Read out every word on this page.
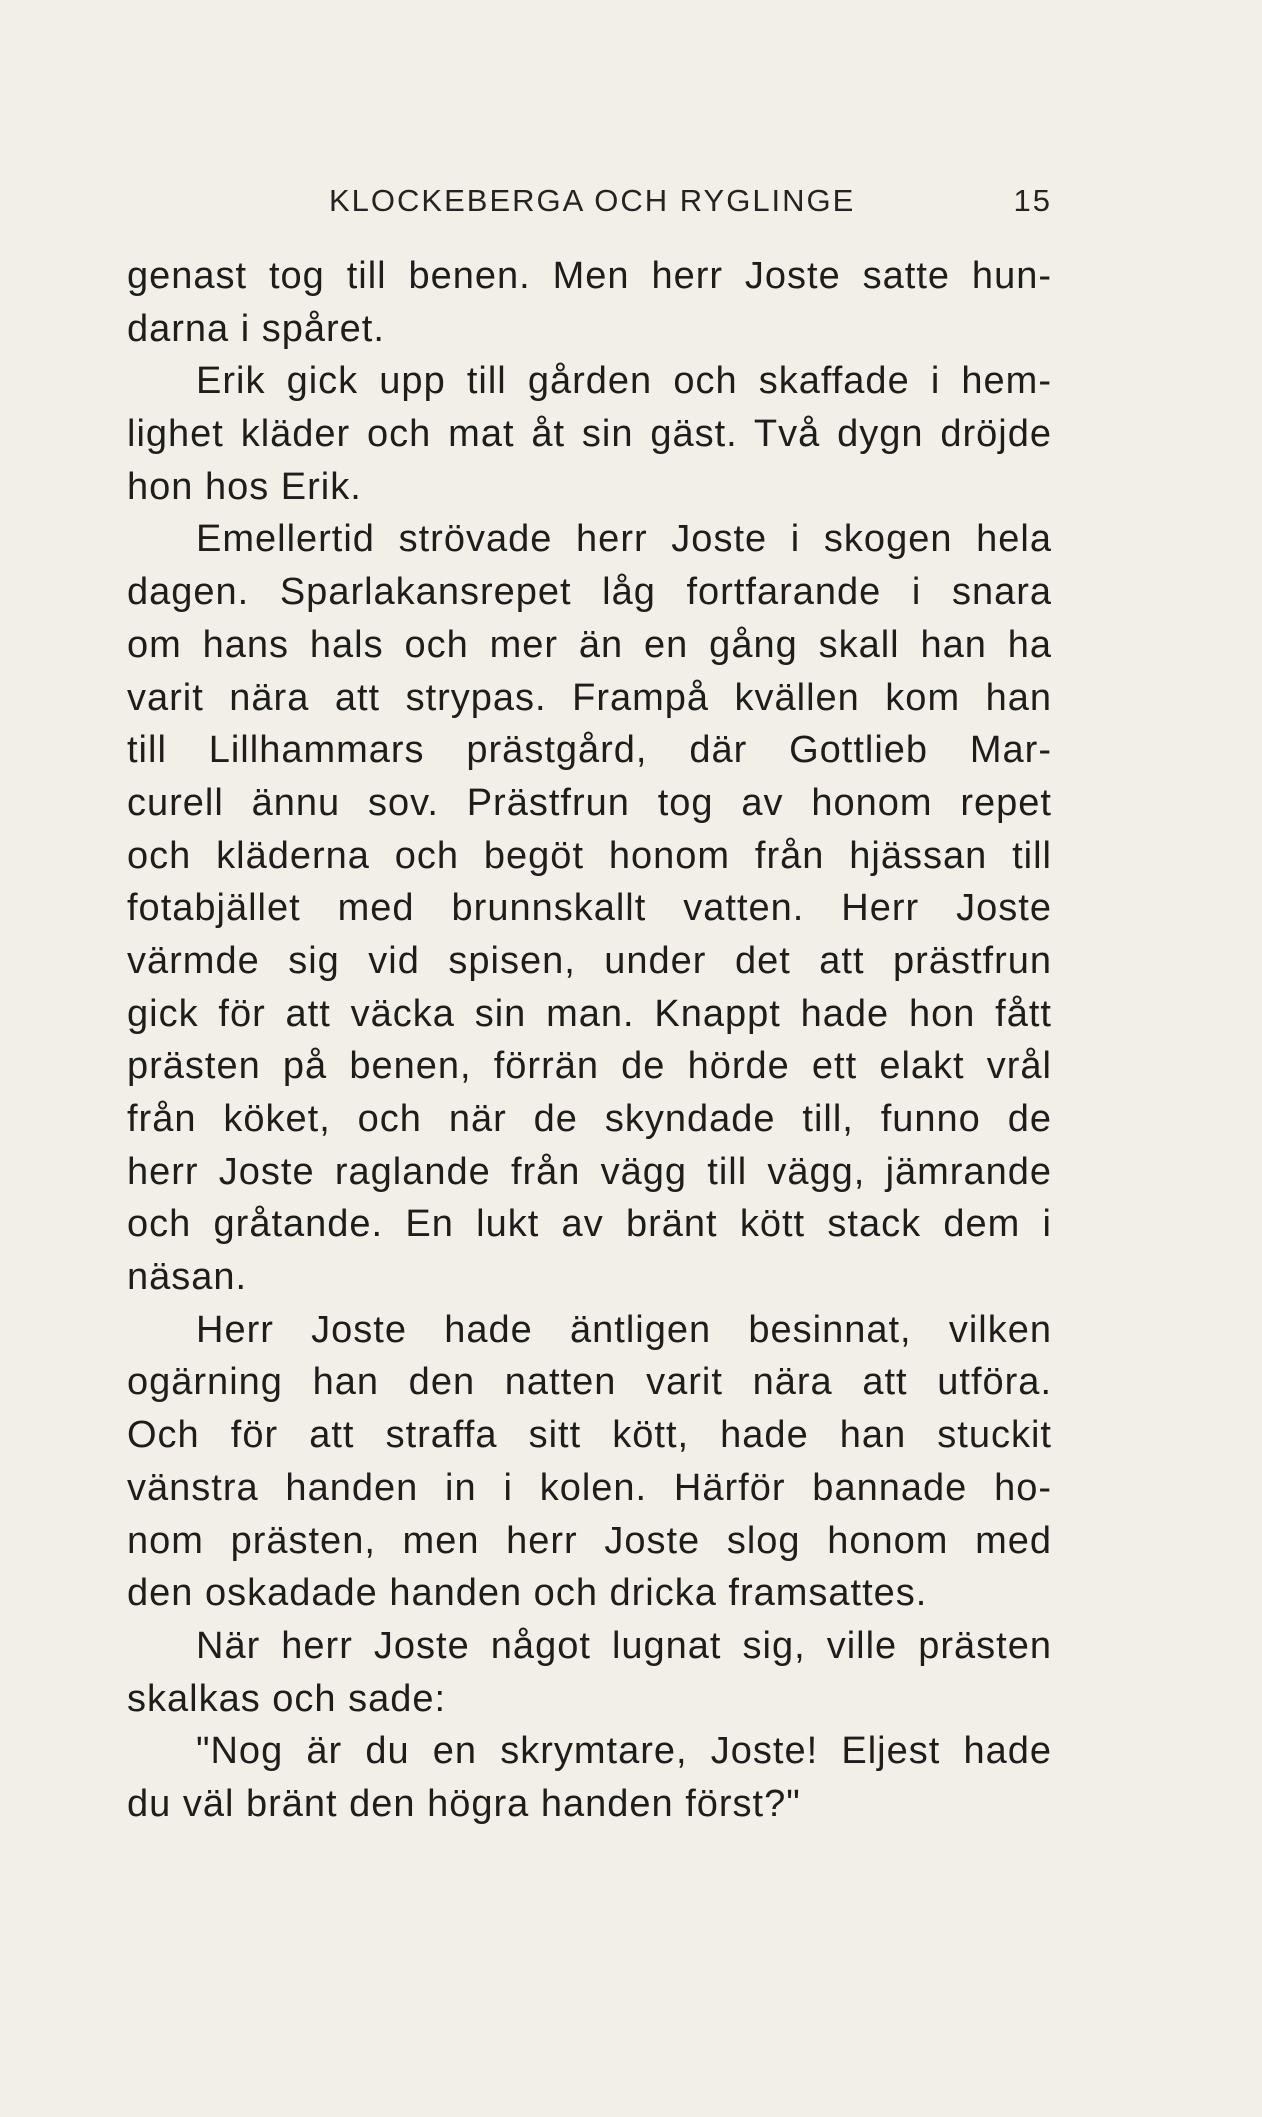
KLOCKEBERGA OCH RYGLINGE	15
genast tog till benen. Men herr Joste satte hun-
darna i spåret.
Erik gick upp till gården och skaffade i hem-
lighet kläder och mat åt sin gäst. Två dygn dröjde
hon hos Erik.
Emellertid strövade herr Joste i skogen hela
dagen. Sparlakansrepet låg fortfarande i snara
om hans hals och mer än en gång skall han ha
varit nära att strypas. Frampå kvällen kom han
till Lillhammars prästgård, där Gottlieb Mar-
curell ännu sov. Prästfrun tog av honom repet
och kläderna och begöt honom från hjässan till
fotabjället med brunnskallt vatten. Herr Joste
värmde sig vid spisen, under det att prästfrun
gick för att väcka sin man. Knappt hade hon fått
prästen på benen, förrän de hörde ett elakt vrål
från köket, och när de skyndade till, funno de
herr Joste raglande från vägg till vägg, jämrande
och gråtande. En lukt av bränt kött stack dem i
näsan.
Herr Joste hade äntligen besinnat, vilken
ogärning han den natten varit nära att utföra.
Och för att straffa sitt kött, hade han stuckit
vänstra handen in i kolen. Härför bannade ho-
nom prästen, men herr Joste slog honom med
den oskadade handen och dricka framsattes.
När herr Joste något lugnat sig, ville prästen
skalkas och sade:
"Nog är du en skrymtare, Joste! Eljest hade
du väl bränt den högra handen först?"
